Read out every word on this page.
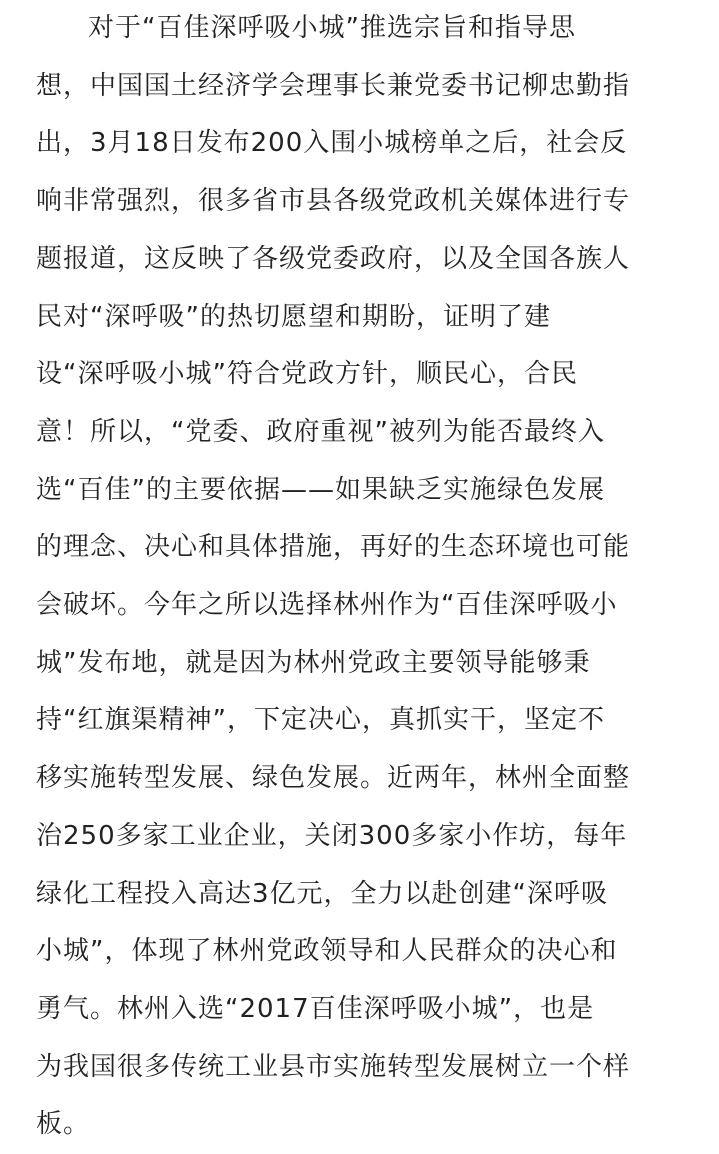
对于“百佳深呼吸小城”推选宗旨和指导思
想，中国国土经济学会理事长兼党委书记柳忠勤指
出，3月18日发布200入围小城榜单之后，社会反
响非常强烈，很多省市县各级党政机关媒体进行专
题报道，这反映了各级党委政府，以及全国各族人
民对“深呼吸”的热切愿望和期盼，证明了建
设“深呼吸小城”符合党政方针，顺民心，合民
意！所以，“党委、政府重视”被列为能否最终入
选“百佳”的主要依据——如果缺乏实施绿色发展
的理念、决心和具体措施，再好的生态环境也可能
会破坏。今年之所以选择林州作为“百佳深呼吸小
城”发布地，就是因为林州党政主要领导能够秉
持“红旗渠精神”，下定决心，真抓实干，坚定不
移实施转型发展、绿色发展。近两年，林州全面整
治250多家工业企业，关闭300多家小作坊，每年
绿化工程投入高达3亿元，全力以赴创建“深呼吸
小城”，体现了林州党政领导和人民群众的决心和
勇气。林州入选“2017百佳深呼吸小城”，也是
为我国很多传统工业县市实施转型发展树立一个样
板。
